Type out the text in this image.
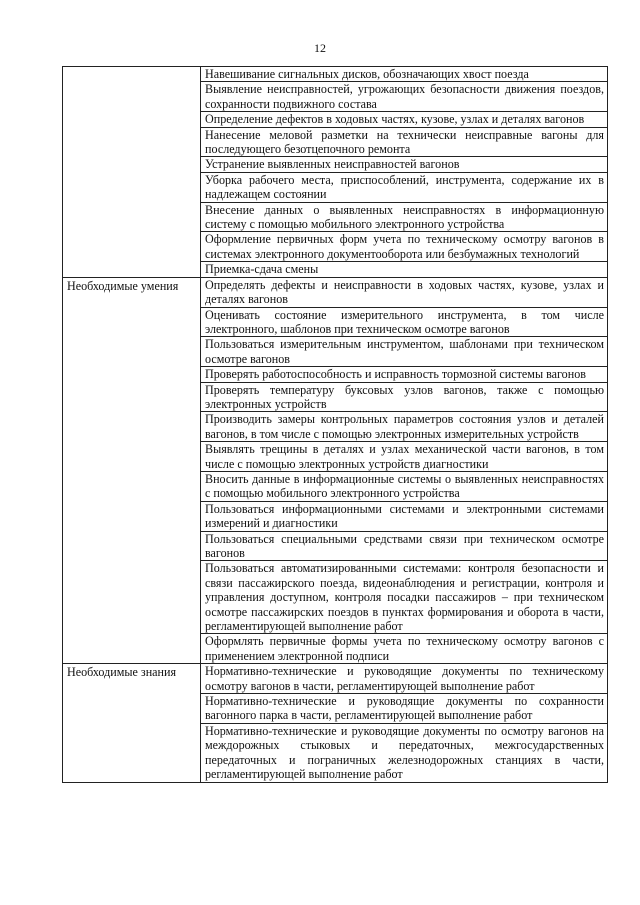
12
	Навешивание сигнальных дисков, обозначающих хвост поезда
	Выявление неисправностей, угрожающих безопасности движения поездов, сохранности подвижного состава
	Определение дефектов в ходовых частях, кузове, узлах и деталях вагонов
	Нанесение меловой разметки на технически неисправные вагоны для последующего безотцепочного ремонта
	Устранение выявленных неисправностей вагонов
	Уборка рабочего места, приспособлений, инструмента, содержание их в надлежащем состоянии
	Внесение данных о выявленных неисправностях в информационную систему с помощью мобильного электронного устройства
	Оформление первичных форм учета по техническому осмотру вагонов в системах электронного документооборота или безбумажных технологий
	Приемка-сдача смены
Необходимые умения	Определять дефекты и неисправности в ходовых частях, кузове, узлах и деталях вагонов
	Оценивать состояние измерительного инструмента, в том числе электронного, шаблонов при техническом осмотре вагонов
	Пользоваться измерительным инструментом, шаблонами при техническом осмотре вагонов
	Проверять работоспособность и исправность тормозной системы вагонов
	Проверять температуру буксовых узлов вагонов, также с помощью электронных устройств
	Производить замеры контрольных параметров состояния узлов и деталей вагонов, в том числе с помощью электронных измерительных устройств
	Выявлять трещины в деталях и узлах механической части вагонов, в том числе с помощью электронных устройств диагностики
	Вносить данные в информационные системы о выявленных неисправностях с помощью мобильного электронного устройства
	Пользоваться информационными системами и электронными системами измерений и диагностики
	Пользоваться специальными средствами связи при техническом осмотре вагонов
	Пользоваться автоматизированными системами: контроля безопасности и связи пассажирского поезда, видеонаблюдения и регистрации, контроля и управления доступном, контроля посадки пассажиров – при техническом осмотре пассажирских поездов в пунктах формирования и оборота в части, регламентирующей выполнение работ
	Оформлять первичные формы учета по техническому осмотру вагонов с применением электронной подписи
Необходимые знания	Нормативно-технические и руководящие документы по техническому осмотру вагонов в части, регламентирующей выполнение работ
	Нормативно-технические и руководящие документы по сохранности вагонного парка в части, регламентирующей выполнение работ
	Нормативно-технические и руководящие документы по осмотру вагонов на междорожных стыковых и передаточных, межгосударственных передаточных и пограничных железнодорожных станциях в части, регламентирующей выполнение работ
